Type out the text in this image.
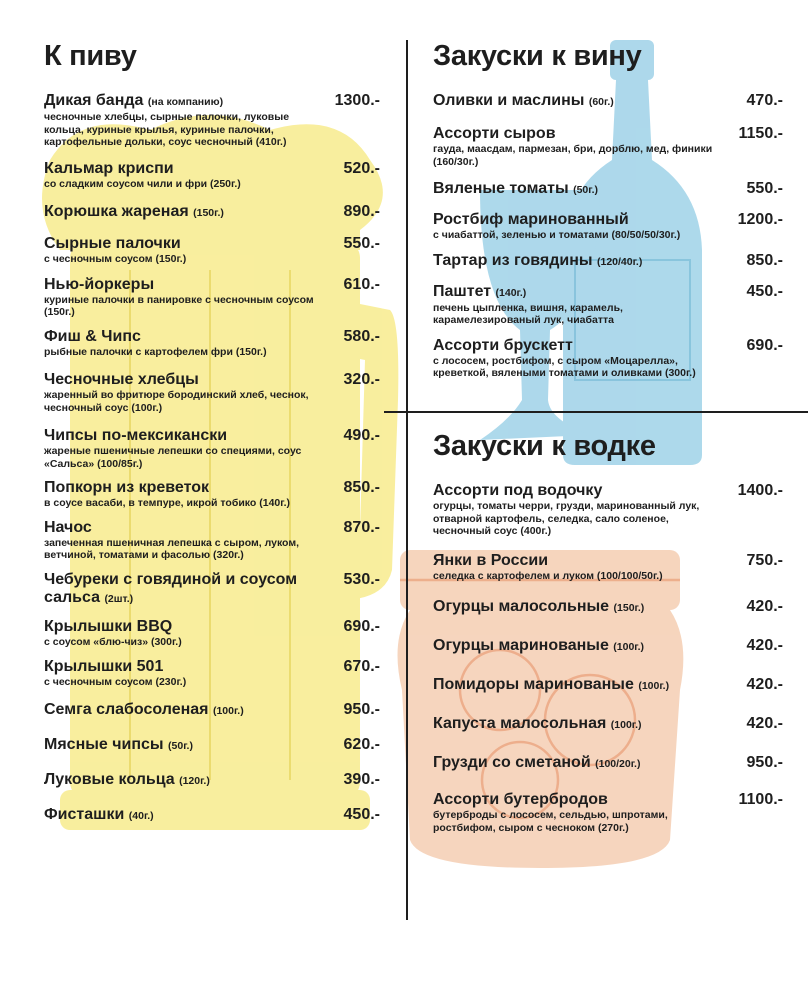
К пиву
Дикая банда (на компанию)	1300.-
чесночные хлебцы, сырные палочки, луковые кольца, куриные крылья, куриные палочки, картофельные дольки, соус чесночный (410г.)
Кальмар криспи	520.-
со сладким соусом чили и фри (250г.)
Корюшка жареная (150г.)	890.-
Сырные палочки	550.-
с чесночным соусом (150г.)
Нью-йоркеры	610.-
куриные палочки в панировке с чесночным соусом (150г.)
Фиш & Чипс	580.-
рыбные палочки с картофелем фри (150г.)
Чесночные хлебцы	320.-
жаренный во фритюре бородинский хлеб, чеснок, чесночный соус (100г.)
Чипсы по-мексикански	490.-
жареные пшеничные лепешки со специями, соус «Сальса» (100/85г.)
Попкорн из креветок	850.-
в соусе васаби, в темпуре, икрой тобико (140г.)
Начос	870.-
запеченная пшеничная лепешка с сыром, луком, ветчиной, томатами и фасолью (320г.)
Чебуреки с говядиной и соусом сальса (2шт.)
530.-
Крылышки BBQ	690.-
с соусом «блю-чиз» (300г.)
Крылышки 501	670.-
с чесночным соусом (230г.)
Семга слабосоленая (100г.)	950.-
Мясные чипсы (50г.)	620.-
Луковые кольца (120г.)	390.-
Фисташки (40г.)	450.-
Закуски к вину
Оливки и маслины (60г.)	470.-
Ассорти сыров	1150.-
гауда, маасдам, пармезан, бри, дорблю, мед, финики (160/30г.)
Вяленые томаты (50г.)	550.-
Ростбиф маринованный	1200.-
с чиабаттой, зеленью и томатами (80/50/50/30г.)
Тартар из говядины (120/40г.)	850.-
Паштет (140г.)	450.-
печень цыпленка, вишня, карамель, карамелезированый лук, чиабатта
Ассорти брускетт	690.-
с лососем, ростбифом, с сыром «Моцарелла», креветкой, вялеными томатами и оливками (300г.)
Закуски к водке
Ассорти под водочку	1400.-
огурцы, томаты черри, грузди, маринованный лук, отварной картофель, селедка, сало соленое, чесночный соус (400г.)
Янки в России	750.-
селедка с картофелем и луком (100/100/50г.)
Огурцы малосольные (150г.)	420.-
Огурцы маринованые (100г.)	420.-
Помидоры маринованые (100г.)	420.-
Капуста малосольная (100г.)	420.-
Грузди со сметаной (100/20г.)	950.-
Ассорти бутербродов	1100.-
бутерброды с лососем, сельдью, шпротами, ростбифом, сыром с чесноком (270г.)
